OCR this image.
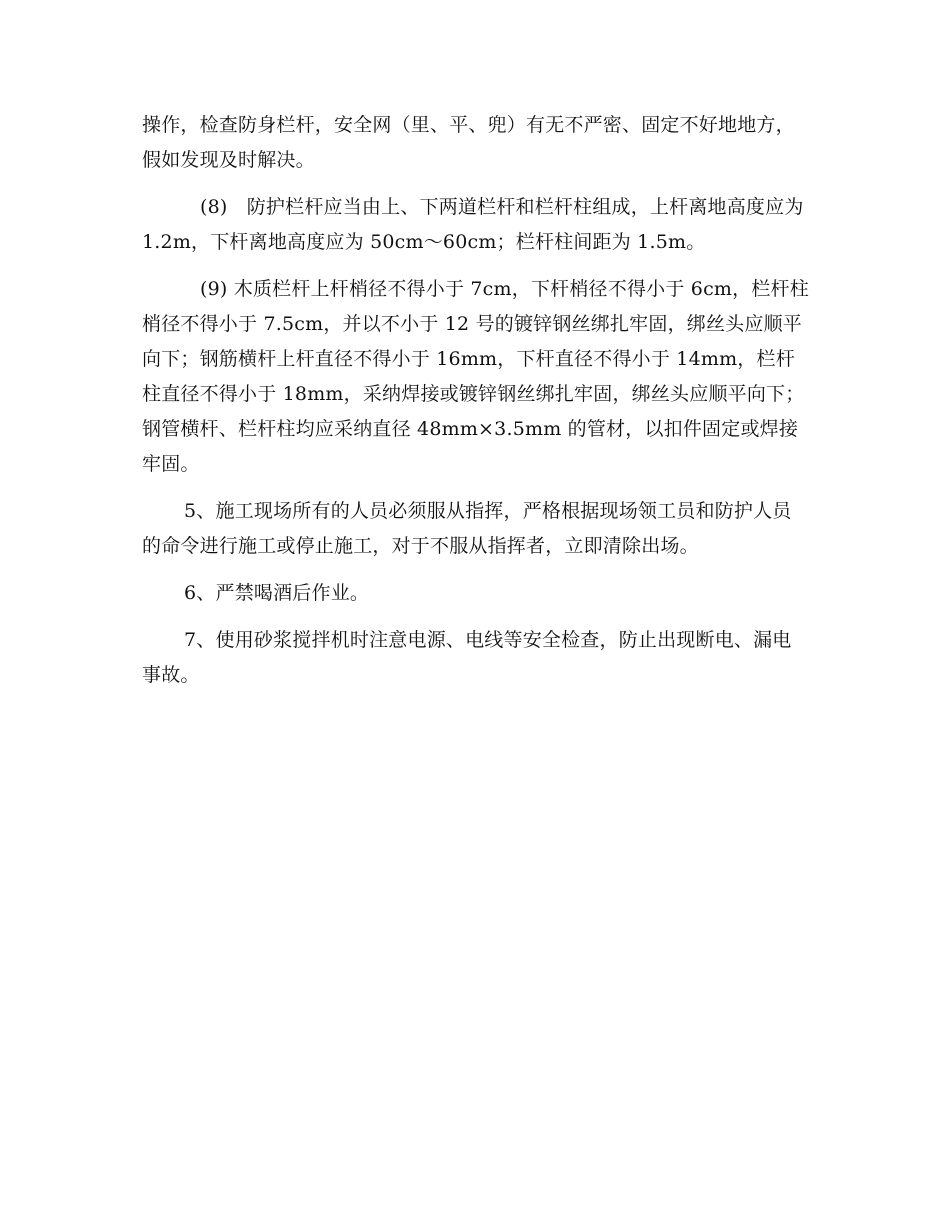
操作，检查防身栏杆，安全网（里、平、兜）有无不严密、固定不好地地方，假如发现及时解决。

(8)　防护栏杆应当由上、下两道栏杆和栏杆柱组成，上杆离地高度应为 1.2m，下杆离地高度应为 50cm～60cm；栏杆柱间距为 1.5m。

(9) 木质栏杆上杆梢径不得小于 7cm，下杆梢径不得小于 6cm，栏杆柱梢径不得小于 7.5cm，并以不小于 12 号的镀锌钢丝绑扎牢固，绑丝头应顺平向下；钢筋横杆上杆直径不得小于 16mm，下杆直径不得小于 14mm，栏杆柱直径不得小于 18mm，采纳焊接或镀锌钢丝绑扎牢固，绑丝头应顺平向下；钢管横杆、栏杆柱均应采纳直径 48mm×3.5mm 的管材，以扣件固定或焊接牢固。

5、施工现场所有的人员必须服从指挥，严格根据现场领工员和防护人员的命令进行施工或停止施工，对于不服从指挥者，立即清除出场。

6、严禁喝酒后作业。

7、使用砂浆搅拌机时注意电源、电线等安全检查，防止出现断电、漏电事故。
